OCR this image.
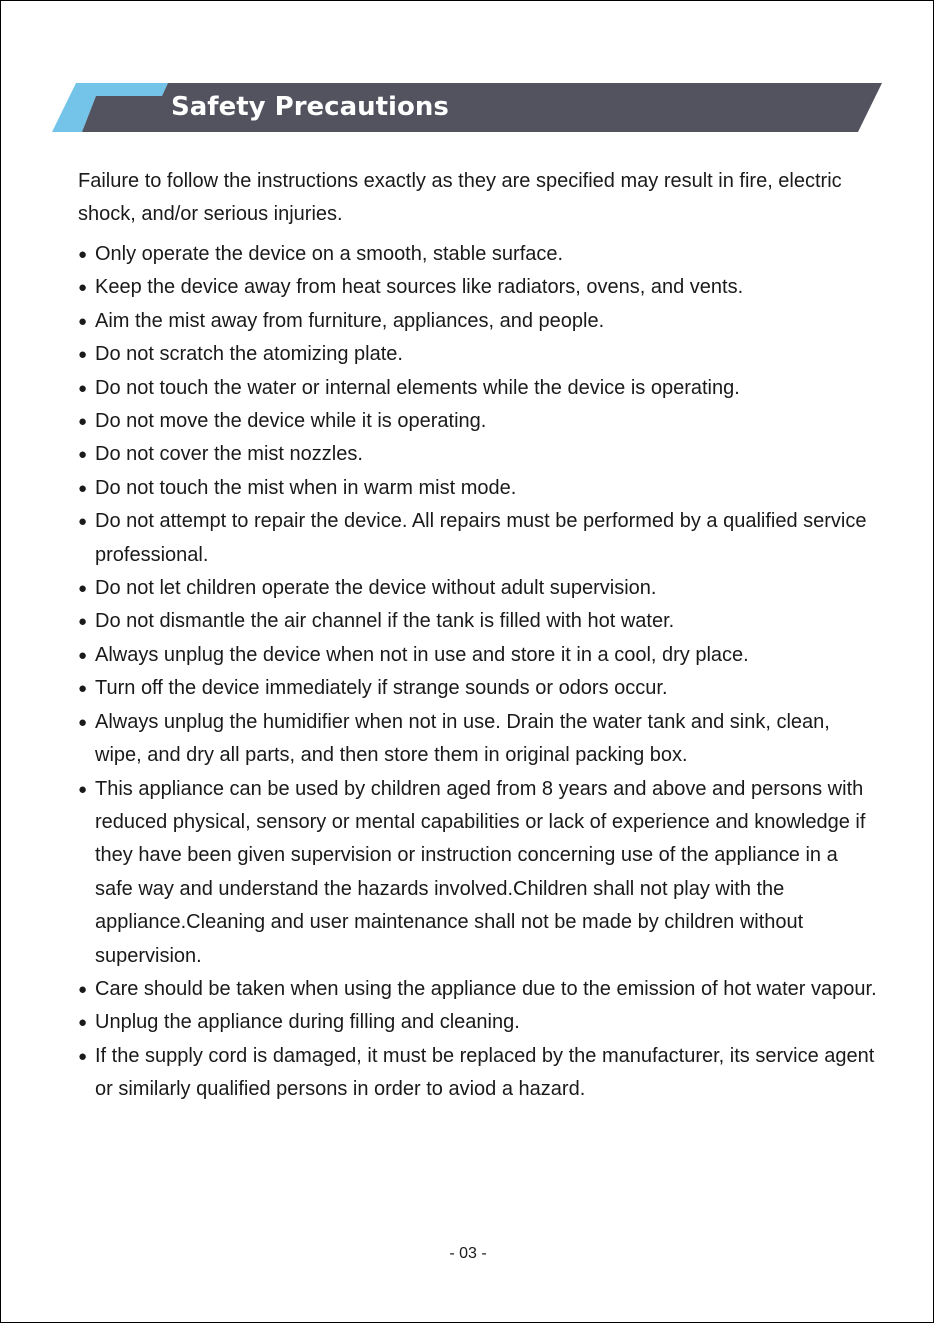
Safety Precautions

Failure to follow the instructions exactly as they are specified may result in fire, electric shock, and/or serious injuries.

● Only operate the device on a smooth, stable surface.
● Keep the device away from heat sources like radiators, ovens, and vents.
● Aim the mist away from furniture, appliances, and people.
● Do not scratch the atomizing plate.
● Do not touch the water or internal elements while the device is operating.
● Do not move the device while it is operating.
● Do not cover the mist nozzles.
● Do not touch the mist when in warm mist mode.
● Do not attempt to repair the device. All repairs must be performed by a qualified service professional.
● Do not let children operate the device without adult supervision.
● Do not dismantle the air channel if the tank is filled with hot water.
● Always unplug the device when not in use and store it in a cool, dry place.
● Turn off the device immediately if strange sounds or odors occur.
● Always unplug the humidifier when not in use. Drain the water tank and sink, clean, wipe, and dry all parts, and then store them in original packing box.
● This appliance can be used by children aged from 8 years and above and persons with reduced physical, sensory or mental capabilities or lack of experience and knowledge if they have been given supervision or instruction concerning use of the appliance in a safe way and understand the hazards involved.Children shall not play with the appliance.Cleaning and user maintenance shall not be made by children without supervision.
● Care should be taken when using the appliance due to the emission of hot water vapour.
● Unplug the appliance during filling and cleaning.
● If the supply cord is damaged, it must be replaced by the manufacturer, its service agent or similarly qualified persons in order to aviod a hazard.
- 03 -
